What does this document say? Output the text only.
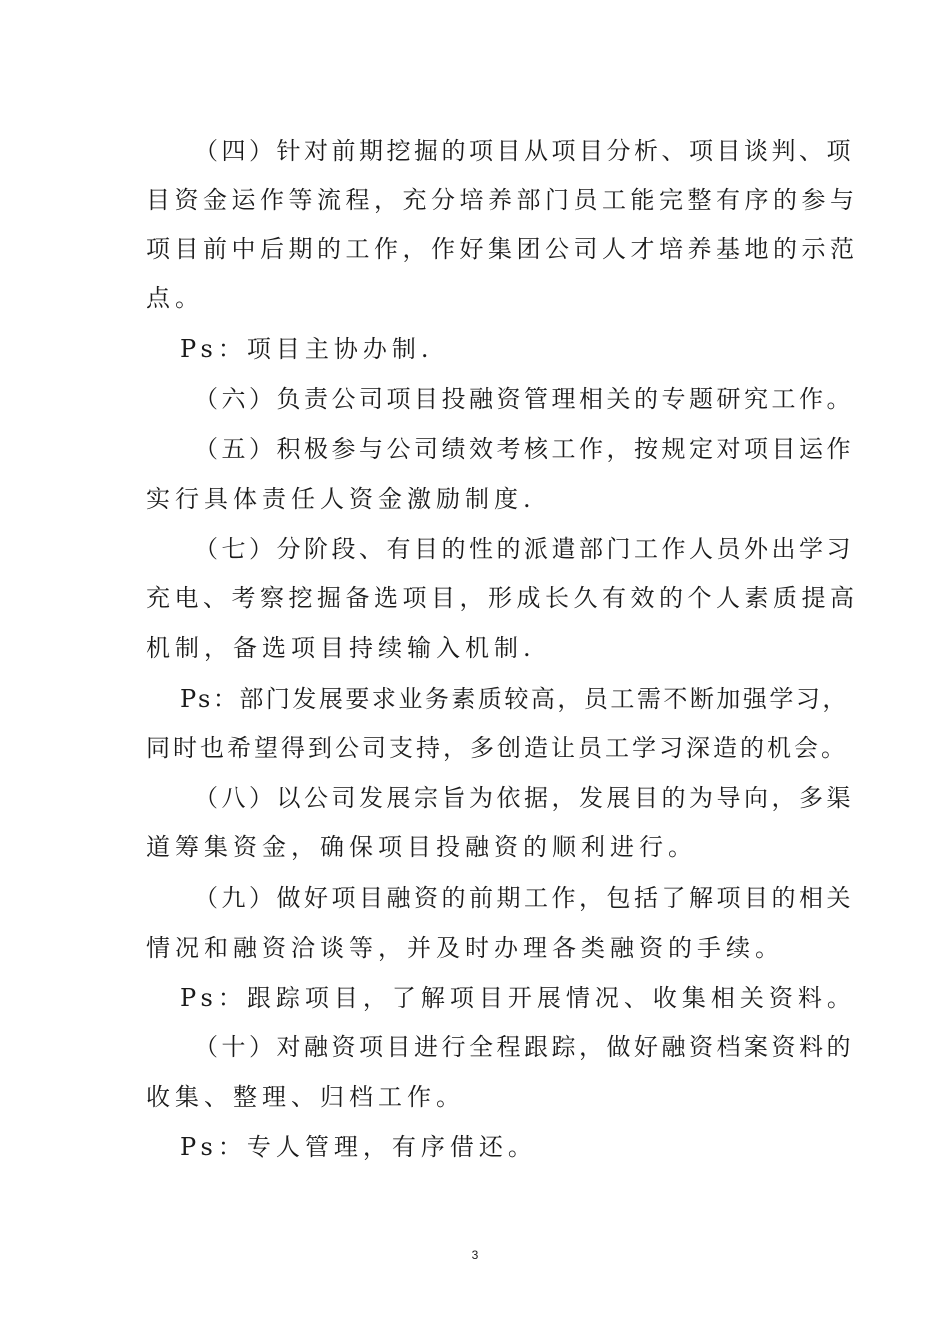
（四）针对前期挖掘的项目从项目分析、项目谈判、项
目资金运作等流程，充分培养部门员工能完整有序的参与
项目前中后期的工作，作好集团公司人才培养基地的示范
点。
Ps：项目主协办制.
（六）负责公司项目投融资管理相关的专题研究工作。
（五）积极参与公司绩效考核工作，按规定对项目运作
实行具体责任人资金激励制度.
（七）分阶段、有目的性的派遣部门工作人员外出学习
充电、考察挖掘备选项目，形成长久有效的个人素质提高
机制，备选项目持续输入机制.
Ps：部门发展要求业务素质较高，员工需不断加强学习，
同时也希望得到公司支持，多创造让员工学习深造的机会。
（八）以公司发展宗旨为依据，发展目的为导向，多渠
道筹集资金，确保项目投融资的顺利进行。
（九）做好项目融资的前期工作，包括了解项目的相关
情况和融资洽谈等，并及时办理各类融资的手续。
Ps：跟踪项目，了解项目开展情况、收集相关资料。
（十）对融资项目进行全程跟踪，做好融资档案资料的
收集、整理、归档工作。
Ps：专人管理，有序借还。
3
